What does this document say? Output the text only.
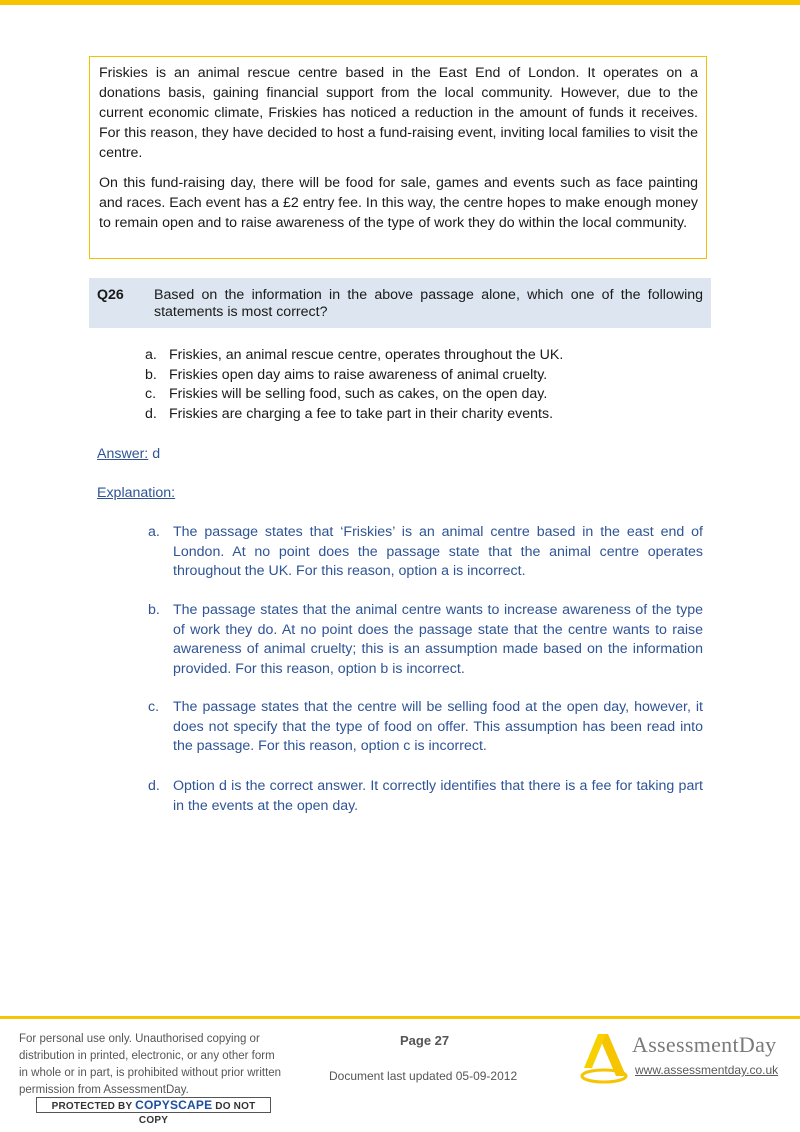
Friskies is an animal rescue centre based in the East End of London. It operates on a donations basis, gaining financial support from the local community. However, due to the current economic climate, Friskies has noticed a reduction in the amount of funds it receives. For this reason, they have decided to host a fund-raising event, inviting local families to visit the centre.

On this fund-raising day, there will be food for sale, games and events such as face painting and races. Each event has a £2 entry fee. In this way, the centre hopes to make enough money to remain open and to raise awareness of the type of work they do within the local community.

Q26	Based on the information in the above passage alone, which one of the following statements is most correct?
a. Friskies, an animal rescue centre, operates throughout the UK.
b. Friskies open day aims to raise awareness of animal cruelty.
c. Friskies will be selling food, such as cakes, on the open day.
d. Friskies are charging a fee to take part in their charity events.
Answer: d
Explanation:
a. The passage states that ‘Friskies’ is an animal centre based in the east end of London. At no point does the passage state that the animal centre operates throughout the UK. For this reason, option a is incorrect.
b. The passage states that the animal centre wants to increase awareness of the type of work they do. At no point does the passage state that the centre wants to raise awareness of animal cruelty; this is an assumption made based on the information provided. For this reason, option b is incorrect.
c. The passage states that the centre will be selling food at the open day, however, it does not specify that the type of food on offer. This assumption has been read into the passage. For this reason, option c is incorrect.
d. Option d is the correct answer. It correctly identifies that there is a fee for taking part in the events at the open day.
For personal use only. Unauthorised copying or distribution in printed, electronic, or any other form in whole or in part, is prohibited without prior written permission from AssessmentDay.
PROTECTED BY COPYSCAPE DO NOT COPY
Page 27
Document last updated 05-09-2012
AssessmentDay
www.assessmentday.co.uk
